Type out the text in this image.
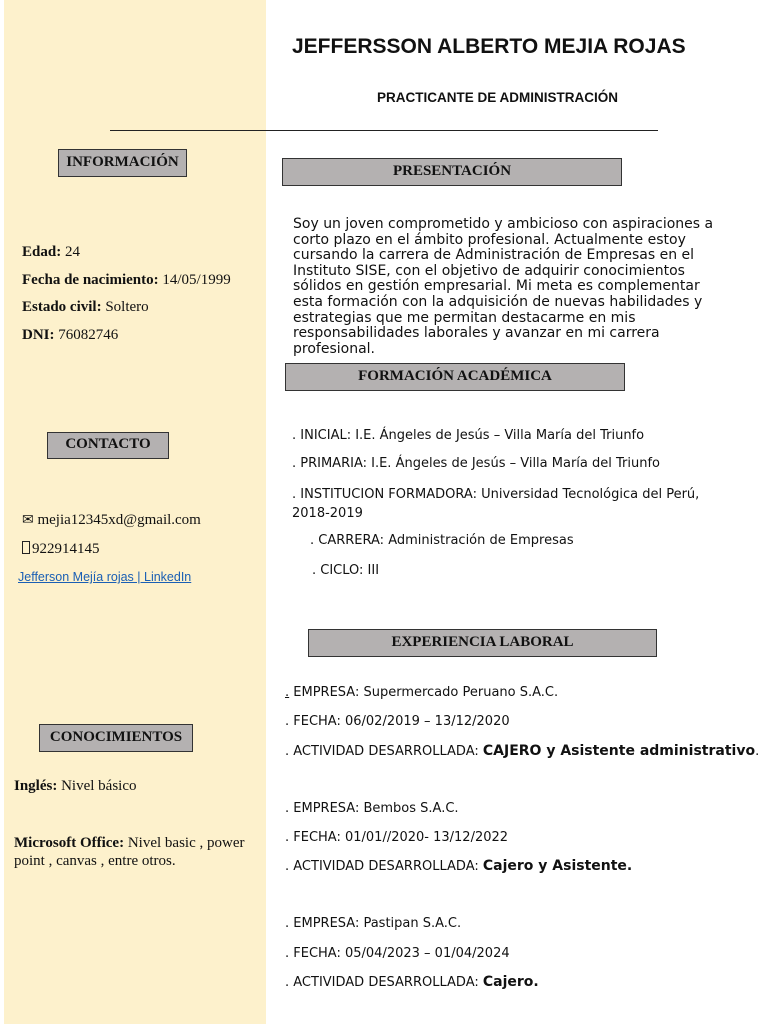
JEFFERSSON ALBERTO MEJIA ROJAS
PRACTICANTE DE ADMINISTRACIÓN
INFORMACIÓN
Edad: 24
Fecha de nacimiento: 14/05/1999
Estado civil: Soltero
DNI: 76082746
CONTACTO
✉ mejia12345xd@gmail.com
922914145
Jefferson Mejía rojas | LinkedIn
CONOCIMIENTOS
Inglés: Nivel básico
Microsoft Office: Nivel basic , power point , canvas , entre otros.
PRESENTACIÓN
Soy un joven comprometido y ambicioso con aspiraciones a corto plazo en el ámbito profesional. Actualmente estoy cursando la carrera de Administración de Empresas en el Instituto SISE, con el objetivo de adquirir conocimientos sólidos en gestión empresarial. Mi meta es complementar esta formación con la adquisición de nuevas habilidades y estrategias que me permitan destacarme en mis responsabilidades laborales y avanzar en mi carrera profesional.
FORMACIÓN ACADÉMICA
. INICIAL: I.E. Ángeles de Jesús – Villa María del Triunfo
. PRIMARIA: I.E. Ángeles de Jesús – Villa María del Triunfo
. INSTITUCION FORMADORA: Universidad Tecnológica del Perú, 2018-2019
. CARRERA: Administración de Empresas
. CICLO: III
EXPERIENCIA LABORAL
. EMPRESA: Supermercado Peruano S.A.C.
. FECHA: 06/02/2019 – 13/12/2020
. ACTIVIDAD DESARROLLADA: CAJERO y Asistente administrativo.
. EMPRESA: Bembos S.A.C.
. FECHA: 01/01//2020- 13/12/2022
. ACTIVIDAD DESARROLLADA: Cajero y Asistente.
. EMPRESA: Pastipan S.A.C.
. FECHA: 05/04/2023 – 01/04/2024
. ACTIVIDAD DESARROLLADA: Cajero.
